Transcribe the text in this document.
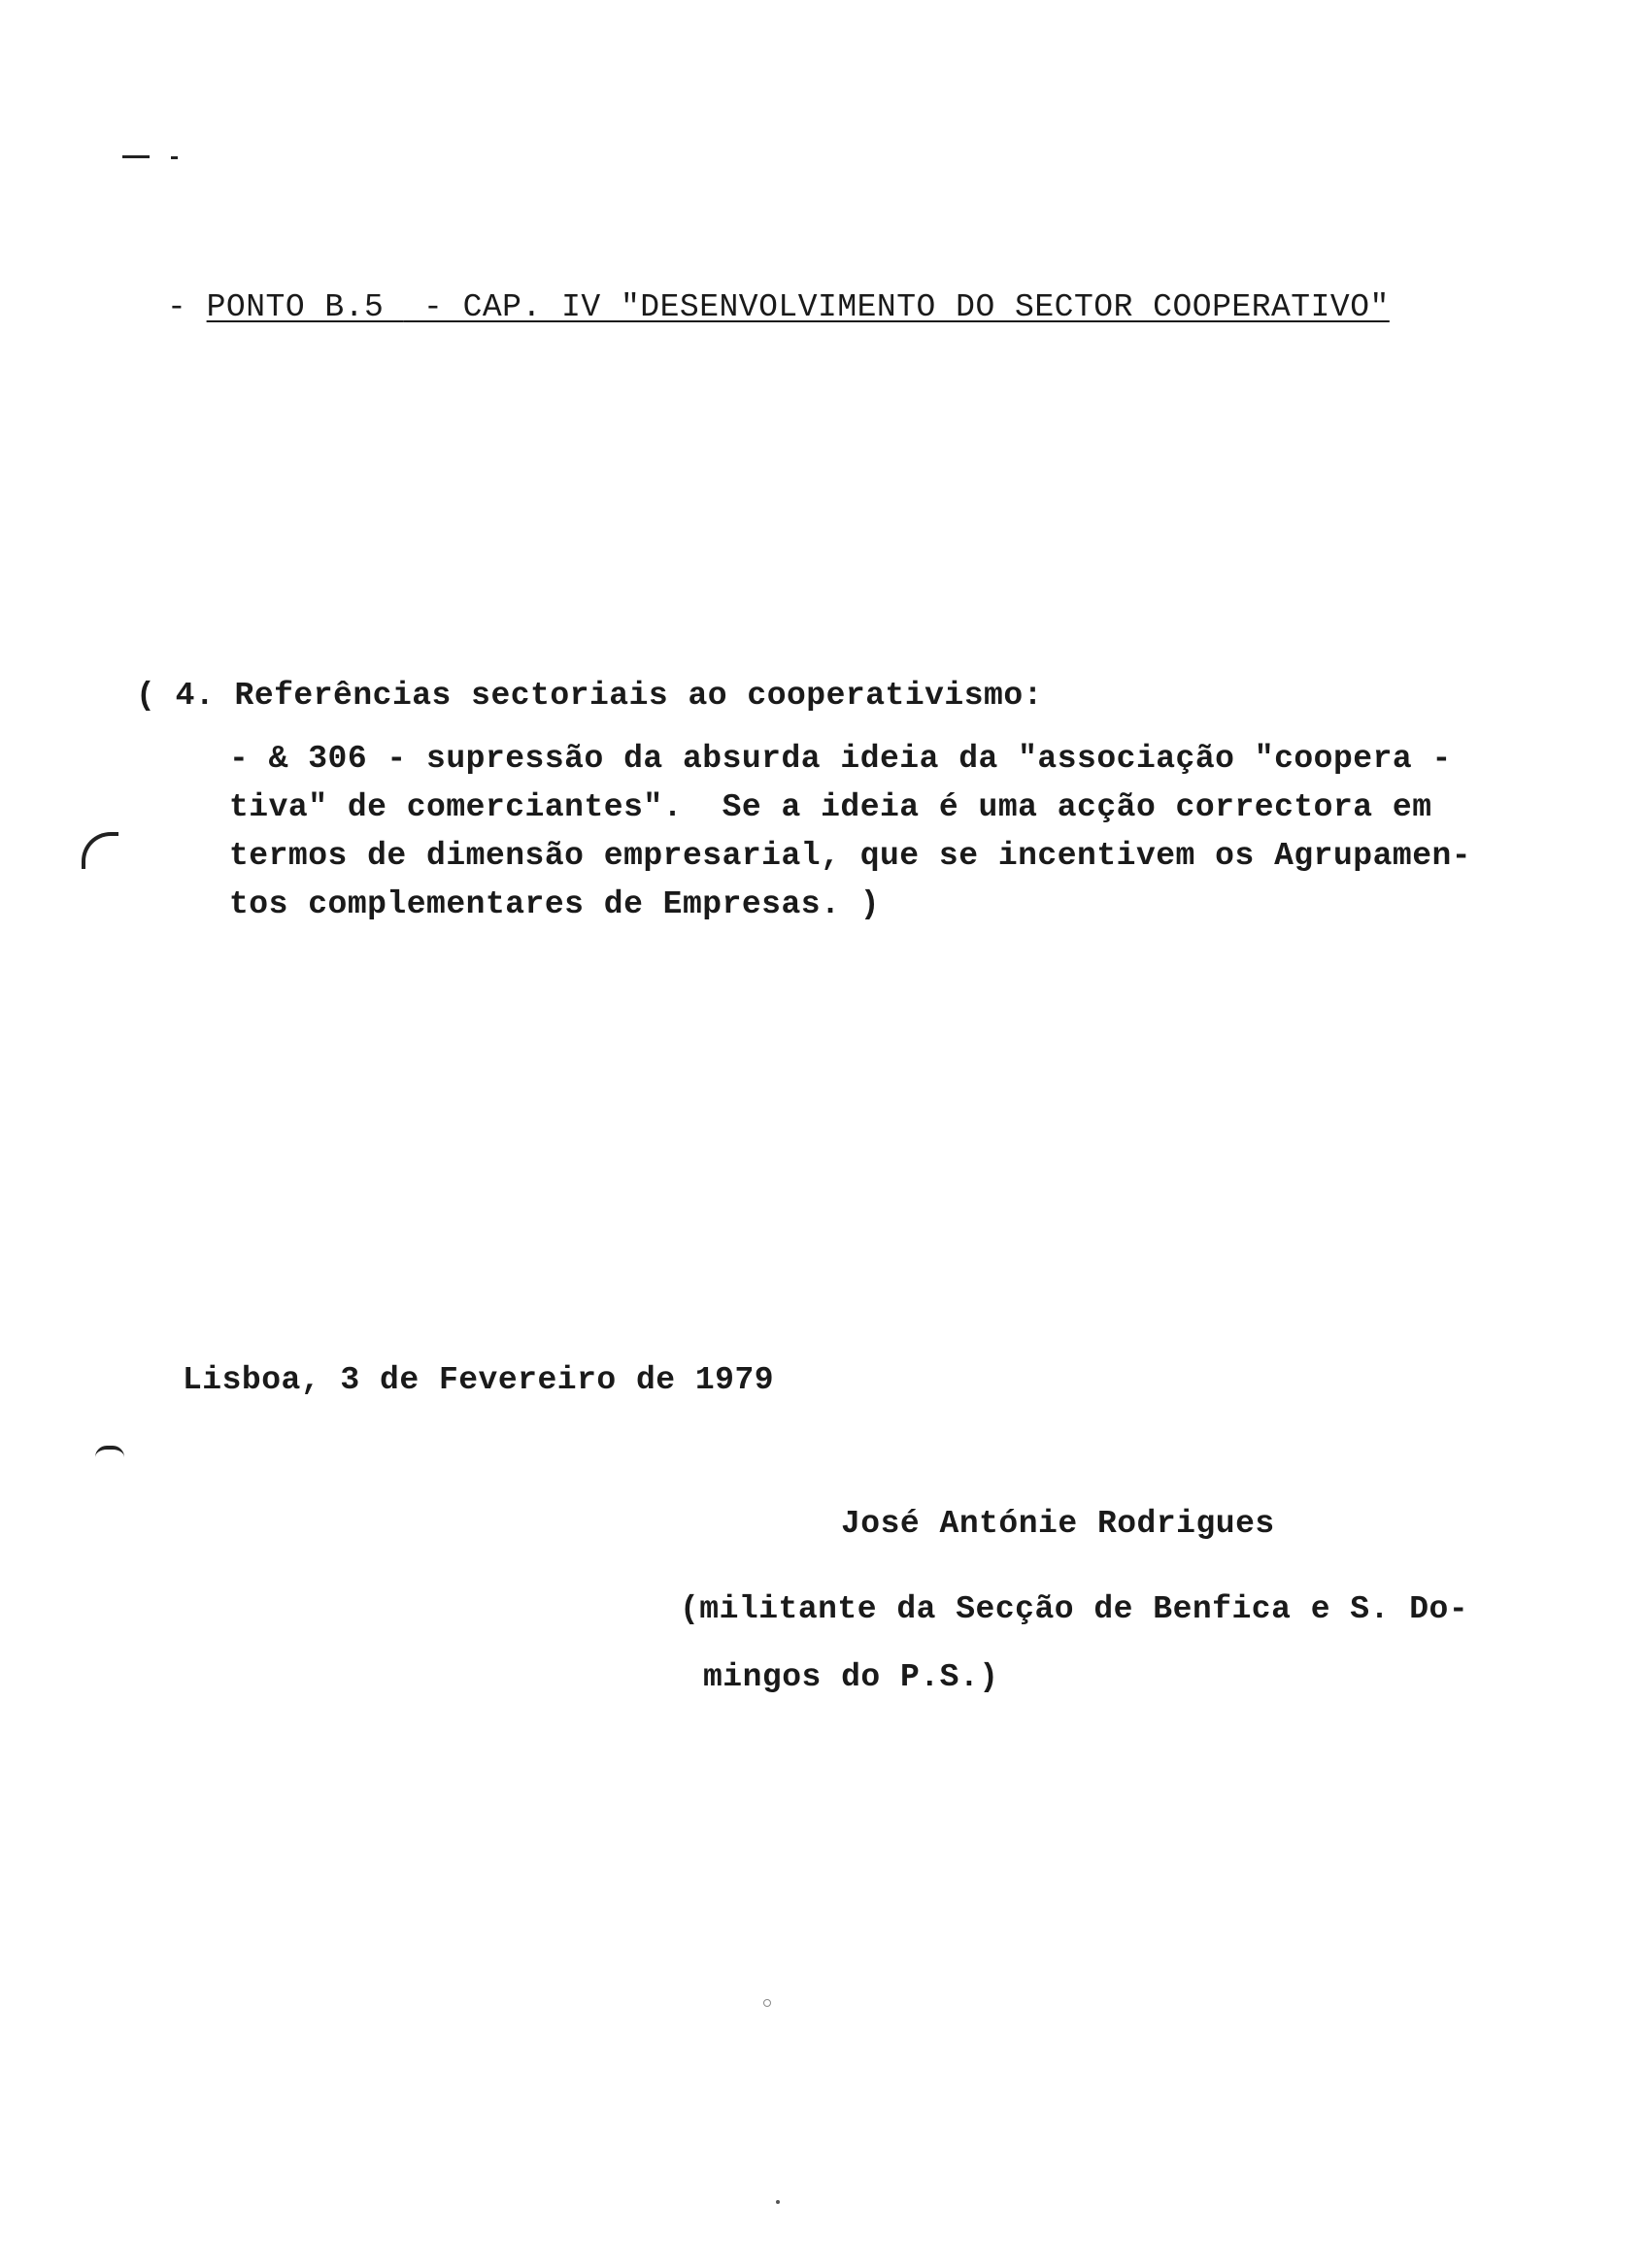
- PONTO B.5  - CAP. IV "DESENVOLVIMENTO DO SECTOR COOPERATIVO"
( 4. Referências sectoriais ao cooperativismo:
- & 306 - supressão da absurda ideia da "associação "coopera -
tiva" de comerciantes".  Se a ideia é uma acção correctora em
termos de dimensão empresarial, que se incentivem os Agrupamen-
tos complementares de Empresas. )
Lisboa, 3 de Fevereiro de 1979
José Antónie Rodrigues
(militante da Secção de Benfica e S. Do-
mingos do P.S.)
